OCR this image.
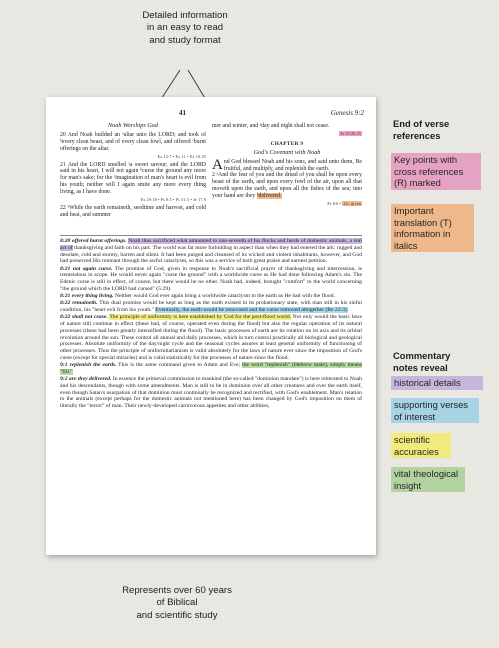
Detailed information
in an easy to read
and study format
41	Genesis 9:2
Noah Worships God

20 And Noah builded an ᵃaltar unto the LORD; and took of ᵇevery clean beast, and of every clean fowl, and offered ᶜburnt offerings on the altar.

Ex 12:7 • Ex 11 • Ex 10:25

21 And the LORD smelled ᵃa sweet savour; and the LORD said in his heart, I will not again ᵇcurse the ground any more for man's sake; for the ᶜimagination of man's heart is evil from his youth; neither will I again smite any more every thing living, as I have done.

Ex 29:18 • Ps 8:5 • Ps 51:5 • Je 17:9

22 ᵃWhile the earth remaineth, seedtime and harvest, and cold and heat, and summer

mer and winter, and ᵃday and night shall not cease.

Je 33:20,25
CHAPTER 9
God's Covenant with Noah

And God blessed Noah and his sons, and said unto them, Be fruitful, and multiply, and replenish the earth.

2 ᵃAnd the fear of you and the dread of you shall be upon every beast of the earth, and upon every fowl of the air, upon all that moveth upon the earth, and upon all the fishes of the sea; into your hand are they ᵇdelivered.

Ps 8:6 • Lit. given

8:20 offered burnt offerings. Noah thus sacrificed what amounted to one-seventh of his flocks and herds of domestic animals, a real act of thanksgiving and faith on his part. The world was far more forbidding in aspect than when they had entered the ark: rugged and desolate, cold and stormy, barren and silent. It had been purged and cleansed of its wicked and violent inhabitants, however, and God had preserved His remnant through the awful cataclysm, so this was a service of both great praise and earnest petition.

8:21 not again curse. The promise of God, given in response to Noah's sacrificial prayer of thanksgiving and intercession, is tremendous in scope. He would never again "curse the ground" with a worldwide curse as He had done following Adam's sin. The Edenic curse is still in effect, of course, but there would be no other. Noah had, indeed, brought "comfort" to the world concerning "the ground which the LORD had cursed" (5:29).

8:21 every thing living. Neither would God ever again bring a worldwide cataclysm to the earth as He had with the flood.

8:22 remaineth. This dual promise would be kept as long as the earth existed in its probationary state, with man still in his sinful condition, his "heart evil from his youth." Eventually, the earth would be renovated and the curse removed altogether (Re 22:3).

8:22 shall not cease. The principle of uniformity is here established by God for the post-flood world. Not only would the basic laws of nature still continue in effect (these had, of course, operated even during the flood) but also the regular operation of its natural processes (these had been greatly intensified during the flood). The basic processes of earth are its rotation on its axis and its orbital revolution around the sun. These control all annual and daily processes, which in turn control practically all biological and geological processes. Absolute uniformity of the day/night cycle and the seasonal cycles assures at least general uniformity of functioning of other processes. Thus the principle of uniformitarianism is valid absolutely for the laws of nature ever since the imposition of God's curse (except for special miracles) and is valid statistically for the processes of nature since the flood.

9:1 replenish the earth. This is the same command given to Adam and Eve; the word "replenish" (Hebrew male), simply means "fill."

9:2 are they delivered. In essence the primeval commission to mankind (the so-called "dominion mandate") is here reiterated to Noah and his descendants, though with some amendments. Man is still to be in dominion over all other creatures and over the earth itself, even though Satan's usurpation of that dominion must continually be recognized and rectified, with God's enablement. Man's relation to the animals (except perhaps for the domestic animals not mentioned here) has been changed by God's imposition on them of literally the "terror" of man. Their newly-developed carnivorous appetites and other abilities,

End of verse
references
Key points with cross references (R) marked
Important translation (T) information in italics
Commentary
notes reveal
historical details
supporting verses of interest
scientific accuracies
vital theological insight
Represents over 60 years
of Biblical
and scientific study
